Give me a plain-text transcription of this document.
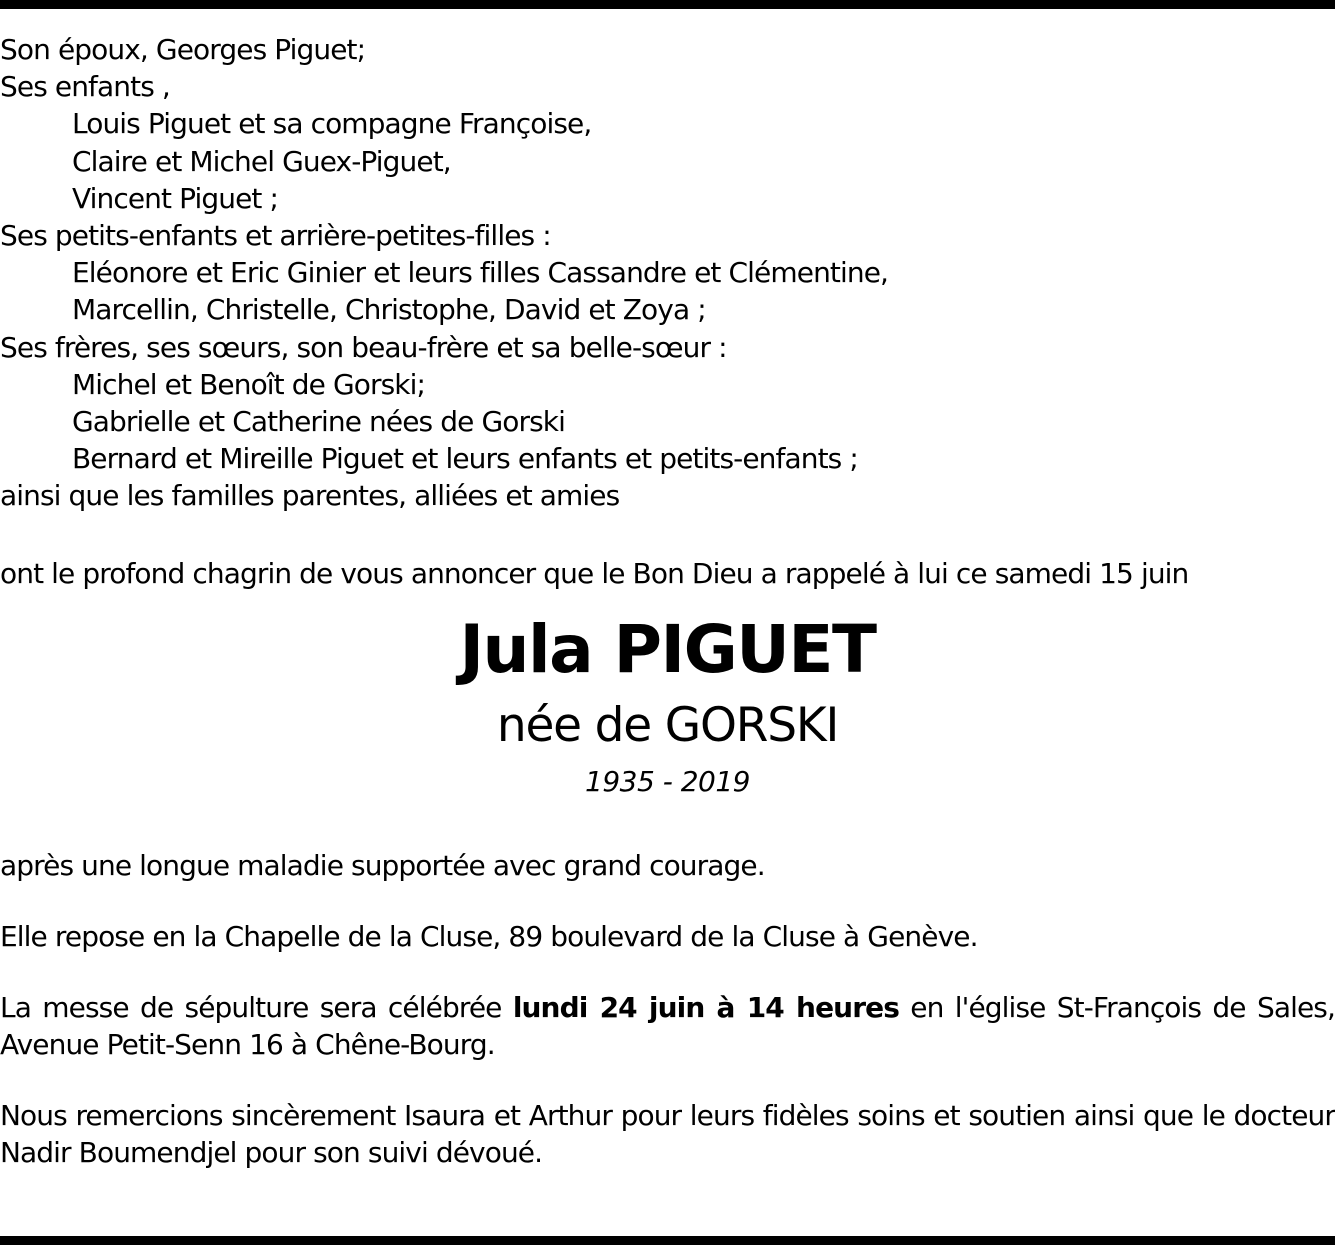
Son époux, Georges Piguet;
Ses enfants ,
Louis Piguet et sa compagne Françoise,
Claire et Michel Guex-Piguet,
Vincent Piguet ;
Ses petits-enfants et arrière-petites-filles :
Eléonore et Eric Ginier et leurs filles Cassandre et Clémentine,
Marcellin, Christelle, Christophe, David et Zoya ;
Ses frères, ses sœurs, son beau-frère et sa belle-sœur :
Michel et Benoît de Gorski;
Gabrielle et Catherine nées de Gorski
Bernard et Mireille Piguet et leurs enfants et petits-enfants ;
ainsi que les familles parentes, alliées et amies
ont le profond chagrin de vous annoncer que le Bon Dieu a rappelé à lui ce samedi 15 juin
Jula PIGUET
née de GORSKI
1935 - 2019
après une longue maladie supportée avec grand courage.
Elle repose en la Chapelle de la Cluse, 89 boulevard de la Cluse à Genève.
La messe de sépulture sera célébrée lundi 24 juin à 14 heures en l'église St-François de Sales, Avenue Petit-Senn 16 à Chêne-Bourg.
Nous remercions sincèrement Isaura et Arthur pour leurs fidèles soins et soutien ainsi que le docteur Nadir Boumendjel pour son suivi dévoué.
